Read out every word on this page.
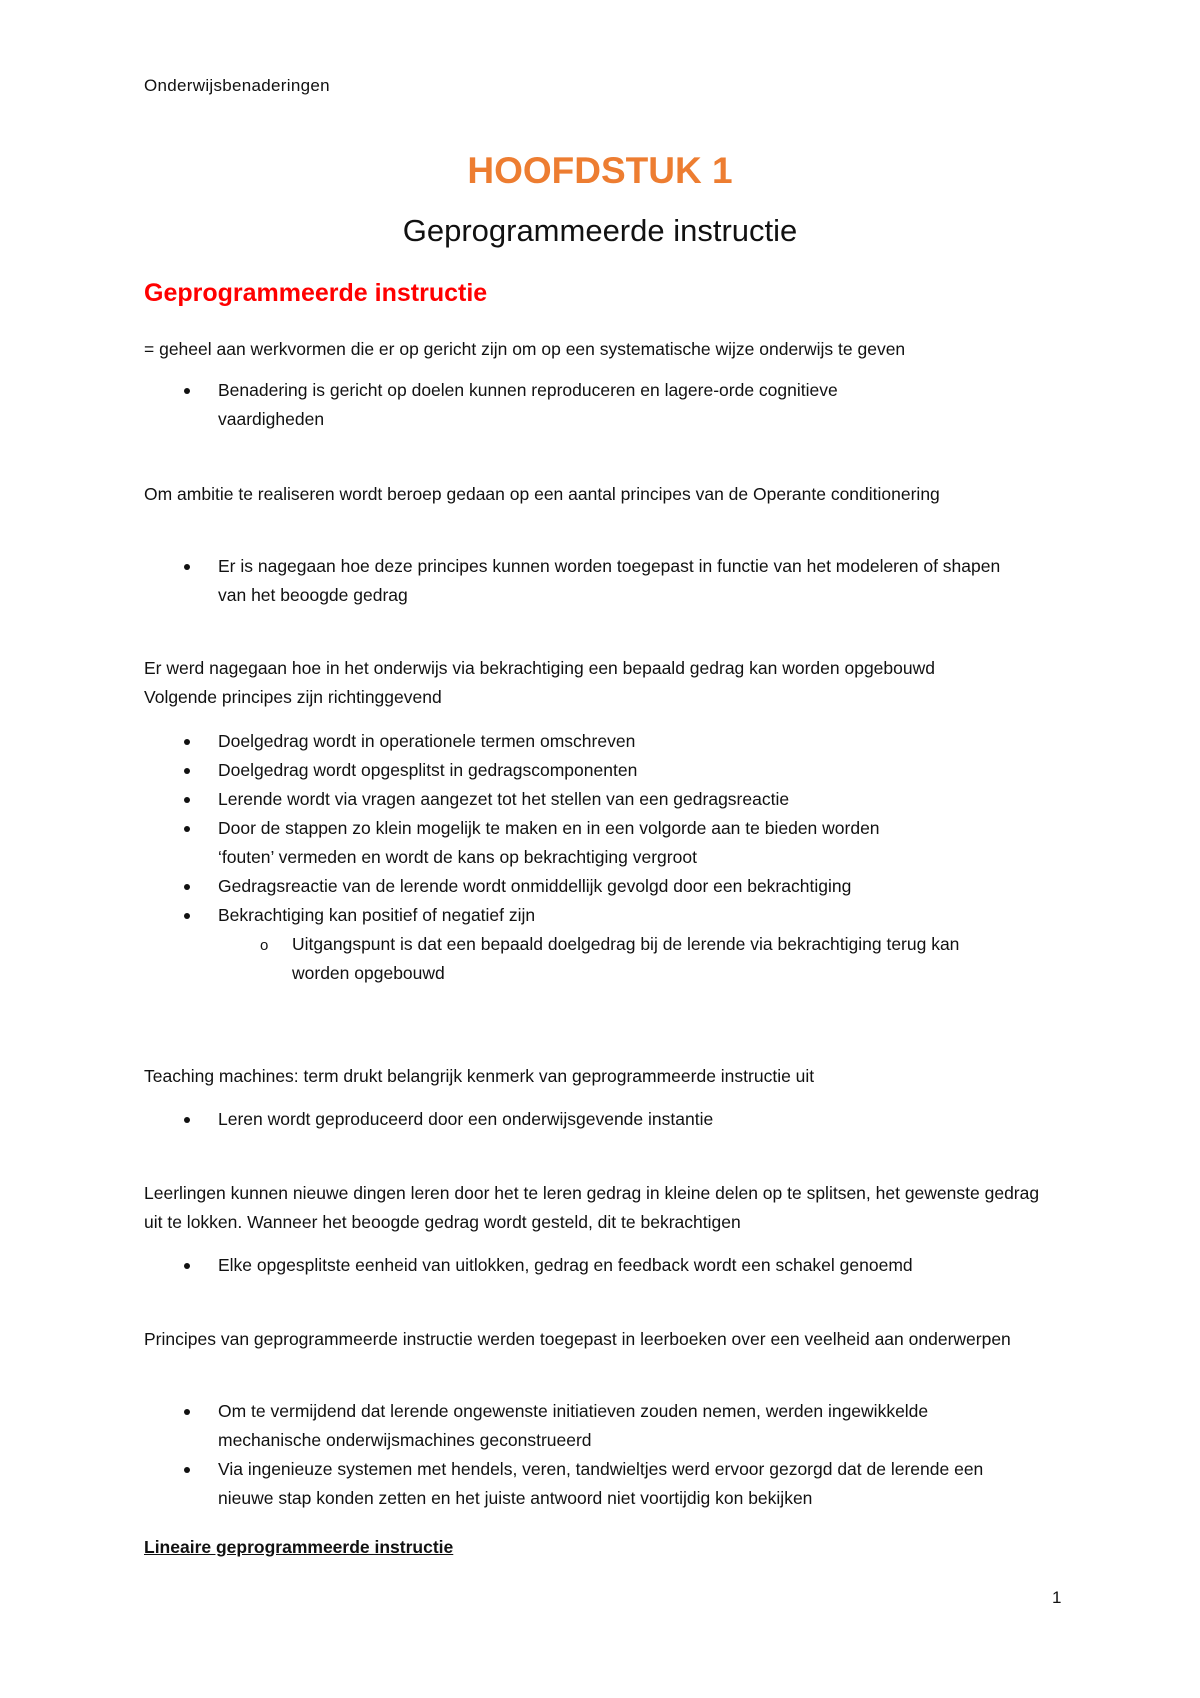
Onderwijsbenaderingen
HOOFDSTUK 1
Geprogrammeerde instructie
Geprogrammeerde instructie

= geheel aan werkvormen die er op gericht zijn om op een systematische wijze onderwijs te geven

Benadering is gericht op doelen kunnen reproduceren en lagere-orde cognitieve vaardigheden

Om ambitie te realiseren wordt beroep gedaan op een aantal principes van de Operante conditionering

Er is nagegaan hoe deze principes kunnen worden toegepast in functie van het modeleren of shapen van het beoogde gedrag

Er werd nagegaan hoe in het onderwijs via bekrachtiging een bepaald gedrag kan worden opgebouwd

Volgende principes zijn richtinggevend

Doelgedrag wordt in operationele termen omschreven
Doelgedrag wordt opgesplitst in gedragscomponenten
Lerende wordt via vragen aangezet tot het stellen van een gedragsreactie
Door de stappen zo klein mogelijk te maken en in een volgorde aan te bieden worden ‘fouten’ vermeden en wordt de kans op bekrachtiging vergroot
Gedragsreactie van de lerende wordt onmiddellijk gevolgd door een bekrachtiging
Bekrachtiging kan positief of negatief zijn
o Uitgangspunt is dat een bepaald doelgedrag bij de lerende via bekrachtiging terug kan worden opgebouwd

Teaching machines: term drukt belangrijk kenmerk van geprogrammeerde instructie uit

Leren wordt geproduceerd door een onderwijsgevende instantie

Leerlingen kunnen nieuwe dingen leren door het te leren gedrag in kleine delen op te splitsen, het gewenste gedrag uit te lokken. Wanneer het beoogde gedrag wordt gesteld, dit te bekrachtigen

Elke opgesplitste eenheid van uitlokken, gedrag en feedback wordt een schakel genoemd

Principes van geprogrammeerde instructie werden toegepast in leerboeken over een veelheid aan onderwerpen

Om te vermijdend dat lerende ongewenste initiatieven zouden nemen, werden ingewikkelde mechanische onderwijsmachines geconstrueerd
Via ingenieuze systemen met hendels, veren, tandwieltjes werd ervoor gezorgd dat de lerende een nieuwe stap konden zetten en het juiste antwoord niet voortijdig kon bekijken
Lineaire geprogrammeerde instructie
1
